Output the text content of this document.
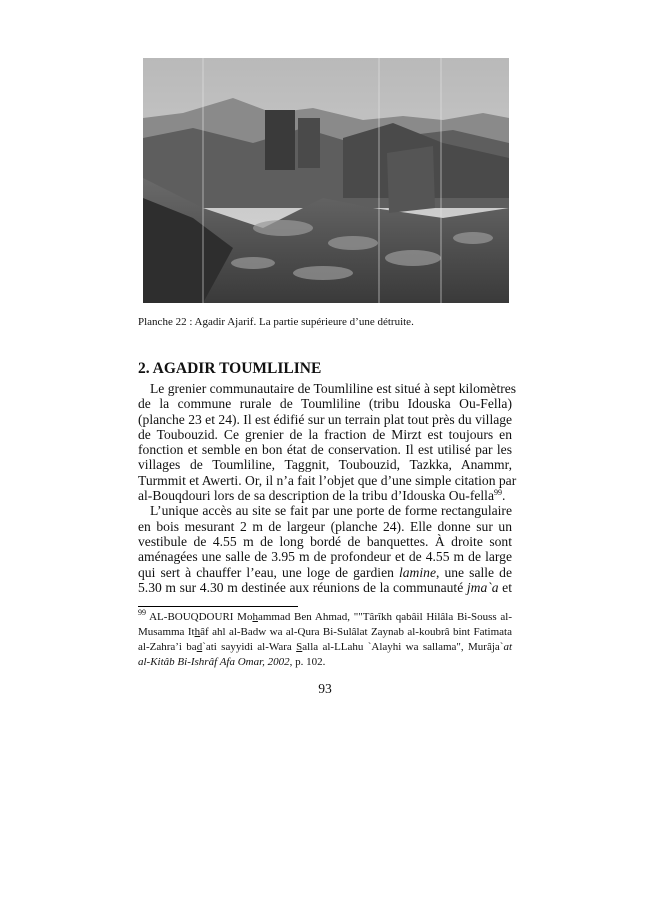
Planche 22 : Agadir Ajarif. La partie supérieure d’une détruite.
2. AGADIR TOUMLILINE
Le grenier communautaire de Toumliline est situé à sept kilomètres
de la commune rurale de Toumliline (tribu Idouska Ou-Fella)
(planche 23 et 24). Il est édifié sur un terrain plat tout près du village
de Toubouzid. Ce grenier de la fraction de Mirzt est toujours en
fonction et semble en bon état de conservation. Il est utilisé par les
villages de Toumliline, Taggnit, Toubouzid, Tazkka, Anammr,
Turmmit et Awerti. Or, il n’a fait l’objet que d’une simple citation par
al-Bouqdouri lors de sa description de la tribu d’Idouska Ou-fella$^{99}$.
L’unique accès au site se fait par une porte de forme rectangulaire
en bois mesurant 2 m de largeur (planche 24). Elle donne sur un
vestibule de 4.55 m de long bordé de banquettes. À droite sont
aménagées une salle de 3.95 m de profondeur et de 4.55 m de large
qui sert à chauffer l’eau, une loge de gardien lamine, une salle de
5.30 m sur 4.30 m destinée aux réunions de la communauté jma`a et
$^{99}$ AL-BOUQDOURI Mohammad Ben Ahmad, ""Târîkh qabâil Hilâla Bi-Souss al-
Musamma Ithâf ahl al-Badw wa al-Qura Bi-Sulâlat Zaynab al-koubrâ bint Fatimata
al-Zahra’i bad`ati sayyidi al-Wara Salla al-LLahu `Alayhi wa sallama", Murâja`at
al-Kitâb Bi-Ishrâf Afa Omar, 2002, p. 102.
93
